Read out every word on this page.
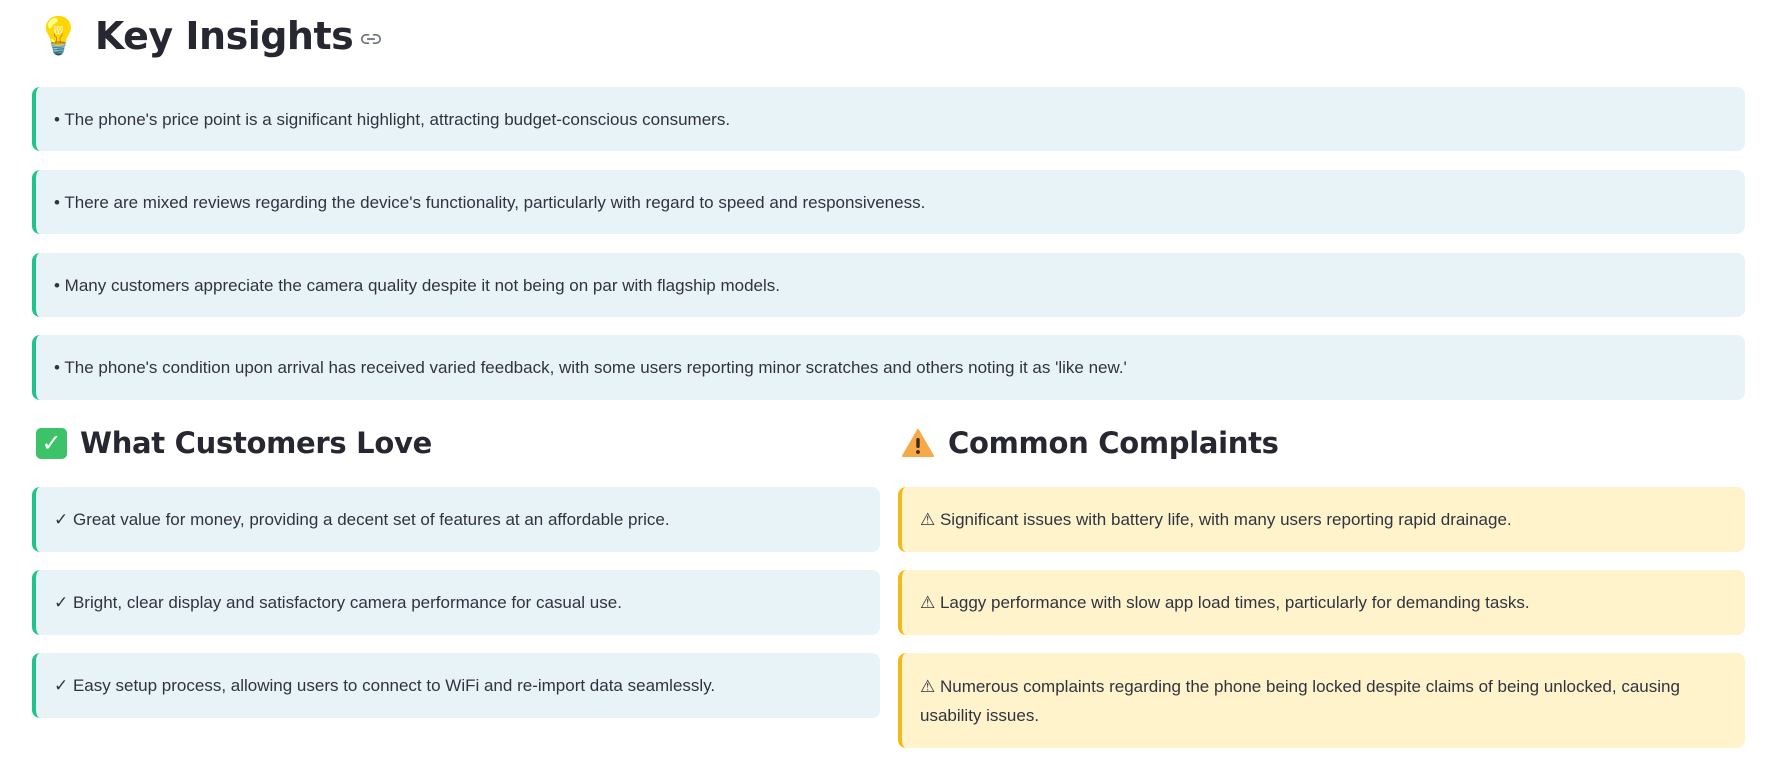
💡 Key Insights
• The phone's price point is a significant highlight, attracting budget-conscious consumers.
• There are mixed reviews regarding the device's functionality, particularly with regard to speed and responsiveness.
• Many customers appreciate the camera quality despite it not being on par with flagship models.
• The phone's condition upon arrival has received varied feedback, with some users reporting minor scratches and others noting it as 'like new.'
✓ What Customers Love
✓ Great value for money, providing a decent set of features at an affordable price.
✓ Bright, clear display and satisfactory camera performance for casual use.
✓ Easy setup process, allowing users to connect to WiFi and re-import data seamlessly.
Common Complaints
⚠ Significant issues with battery life, with many users reporting rapid drainage.
⚠ Laggy performance with slow app load times, particularly for demanding tasks.
⚠ Numerous complaints regarding the phone being locked despite claims of being unlocked, causing usability issues.
